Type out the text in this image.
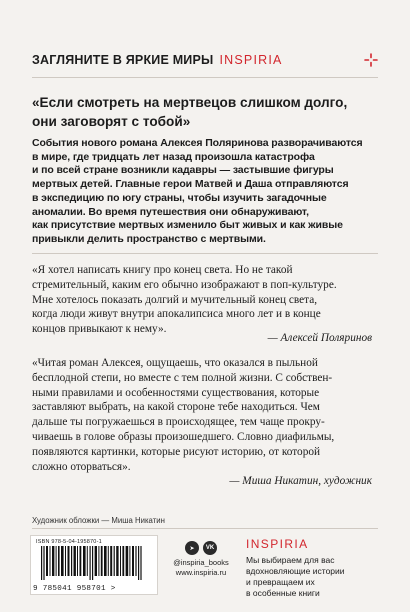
ЗАГЛЯНИТЕ В ЯРКИЕ МИРЫ INSPIRIA
«Если смотреть на мертвецов слишком долго,
они заговорят с тобой»
События нового романа Алексея Поляринова разворачиваются
в мире, где тридцать лет назад произошла катастрофа
и по всей стране возникли кадавры — застывшие фигуры
мертвых детей. Главные герои Матвей и Даша отправляются
в экспедицию по югу страны, чтобы изучить загадочные
аномалии. Во время путешествия они обнаруживают,
как присутствие мертвых изменило быт живых и как живые
привыкли делить пространство с мертвыми.
«Я хотел написать книгу про конец света. Но не такой
стремительный, каким его обычно изображают в поп-культуре.
Мне хотелось показать долгий и мучительный конец света,
когда люди живут внутри апокалипсиса много лет и в конце
концов привыкают к нему».
— Алексей Поляринов
«Читая роман Алексея, ощущаешь, что оказался в пыльной
бесплодной степи, но вместе с тем полной жизни. С собствен-
ными правилами и особенностями существования, которые
заставляют выбрать, на какой стороне тебе находиться. Чем
дальше ты погружаешься в происходящее, тем чаще прокру-
чиваешь в голове образы произошедшего. Словно диафильмы,
появляются картинки, которые рисуют историю, от которой
сложно оторваться».
— Миша Никатин, художник
Художник обложки — Миша Никатин
ISBN 978-5-04-195870-1
9 785041 958701 >
➤	VK
@inspiria_books
www.inspiria.ru
INSPIRIA
Мы выбираем для вас
вдохновляющие истории
и превращаем их
в особенные книги
